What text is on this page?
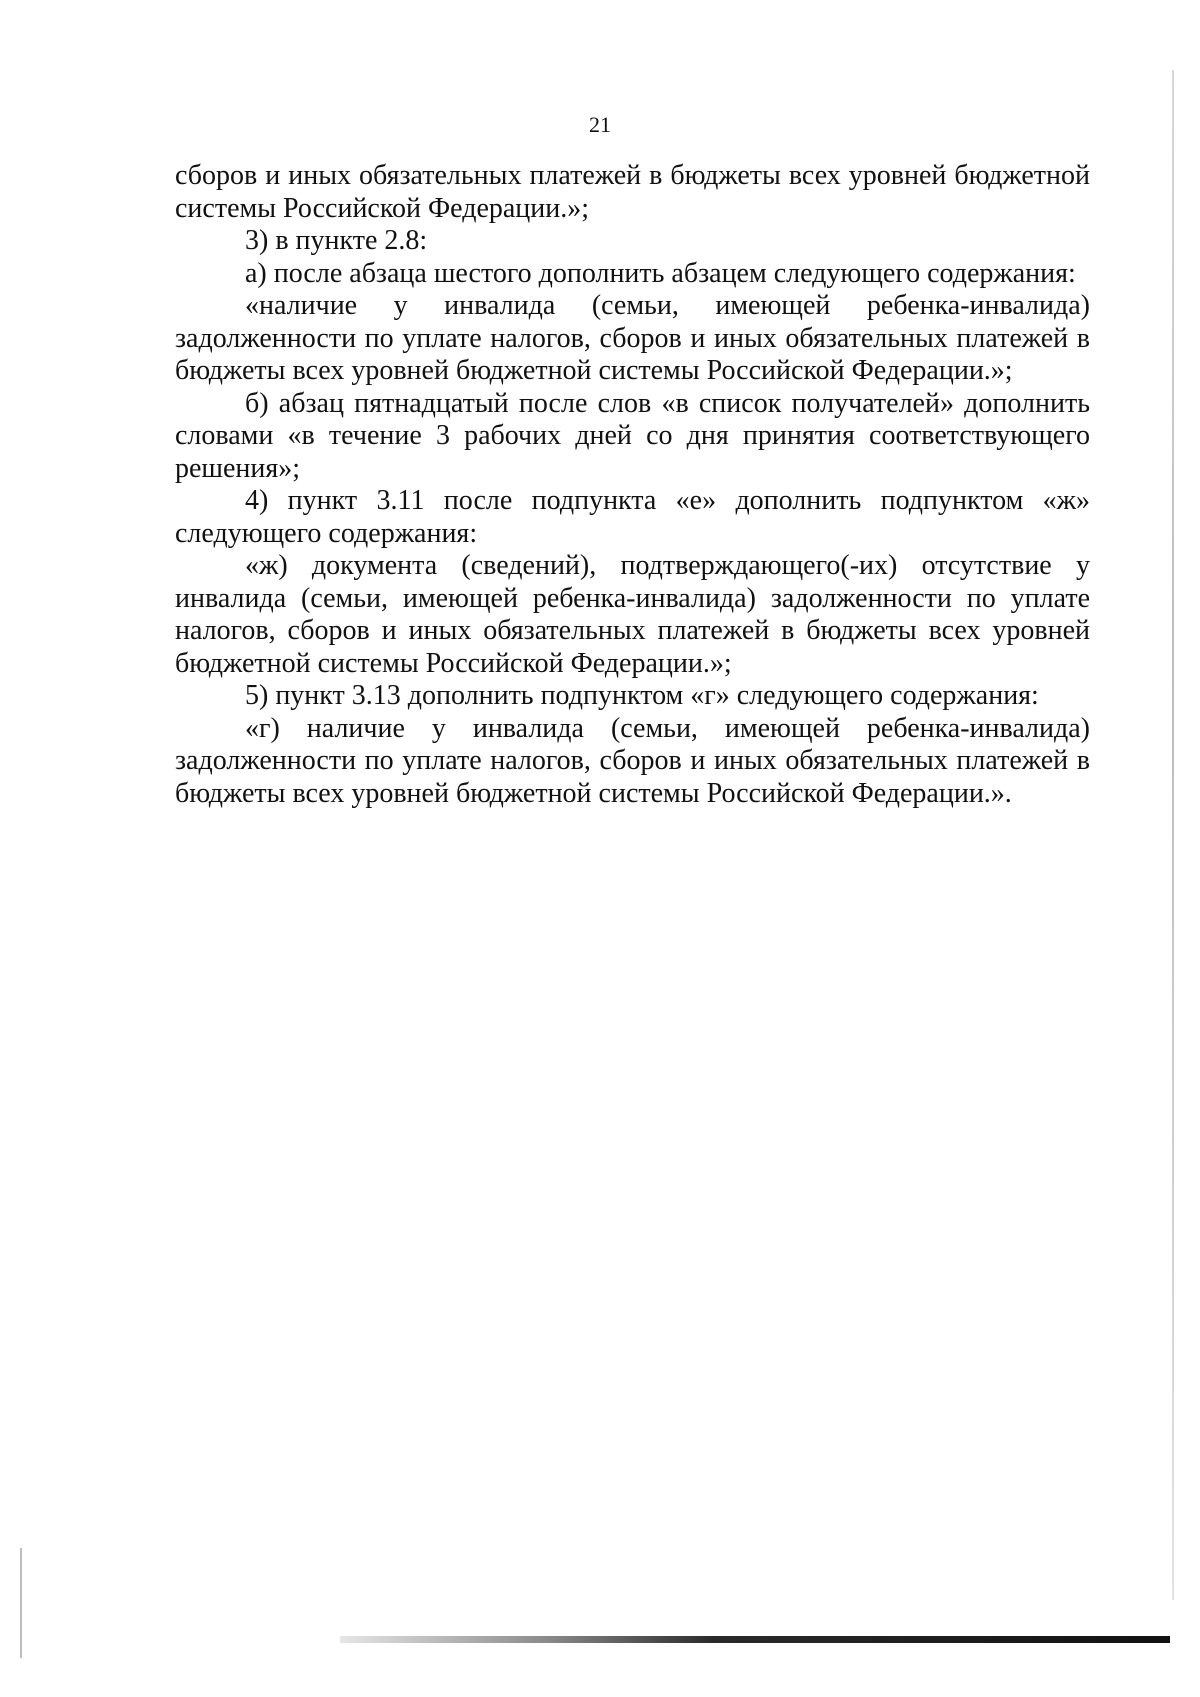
21

сборов и иных обязательных платежей в бюджеты всех уровней бюджетной системы Российской Федерации.»;

3) в пункте 2.8:

а) после абзаца шестого дополнить абзацем следующего содержания:

«наличие у инвалида (семьи, имеющей ребенка-инвалида) задолженности по уплате налогов, сборов и иных обязательных платежей в бюджеты всех уровней бюджетной системы Российской Федерации.»;

б) абзац пятнадцатый после слов «в список получателей» дополнить словами «в течение 3 рабочих дней со дня принятия соответствующего решения»;

4) пункт 3.11 после подпункта «е» дополнить подпунктом «ж» следующего содержания:

«ж) документа (сведений), подтверждающего(-их) отсутствие у инвалида (семьи, имеющей ребенка-инвалида) задолженности по уплате налогов, сборов и иных обязательных платежей в бюджеты всех уровней бюджетной системы Российской Федерации.»;

5) пункт 3.13 дополнить подпунктом «г» следующего содержания:

«г) наличие у инвалида (семьи, имеющей ребенка-инвалида) задолженности по уплате налогов, сборов и иных обязательных платежей в бюджеты всех уровней бюджетной системы Российской Федерации.».
